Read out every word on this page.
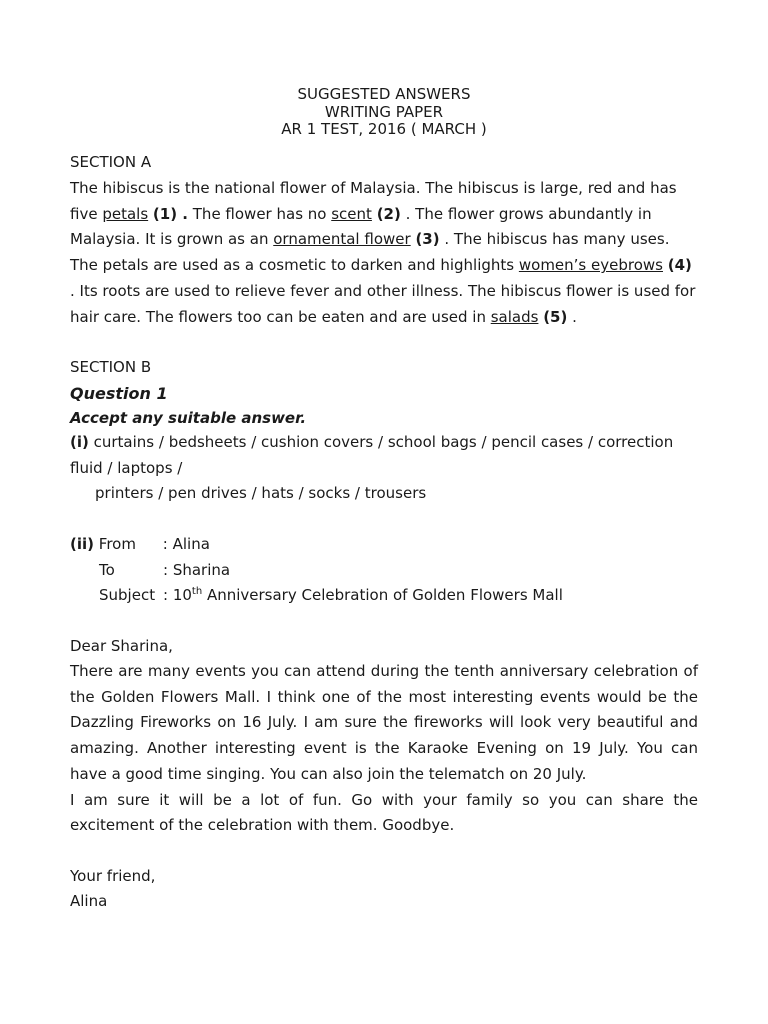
SUGGESTED ANSWERS
WRITING PAPER
AR 1 TEST, 2016 ( MARCH )
SECTION A
The hibiscus is the national flower of Malaysia. The hibiscus is large, red and has five petals (1) . The flower has no scent (2) . The flower grows abundantly in Malaysia. It is grown as an ornamental flower (3) . The hibiscus has many uses. The petals are used as a cosmetic to darken and highlights women’s eyebrows (4) . Its roots are used to relieve fever and other illness. The hibiscus flower is used for hair care. The flowers too can be eaten and are used in salads (5) .
SECTION B
Question 1
Accept any suitable answer.

(i) curtains / bedsheets / cushion covers / school bags / pencil cases / correction fluid / laptops /

printers / pen drives / hats / socks / trousers

(ii) From : Alina

To	: Sharina

Subject : 10th Anniversary Celebration of Golden Flowers Mall

Dear Sharina,

There are many events you can attend during the tenth anniversary celebration of the Golden Flowers Mall. I think one of the most interesting events would be the Dazzling Fireworks on 16 July. I am sure the fireworks will look very beautiful and amazing. Another interesting event is the Karaoke Evening on 19 July. You can have a good time singing. You can also join the telematch on 20 July.

I am sure it will be a lot of fun. Go with your family so you can share the excitement of the celebration with them. Goodbye.

Your friend,
Alina
